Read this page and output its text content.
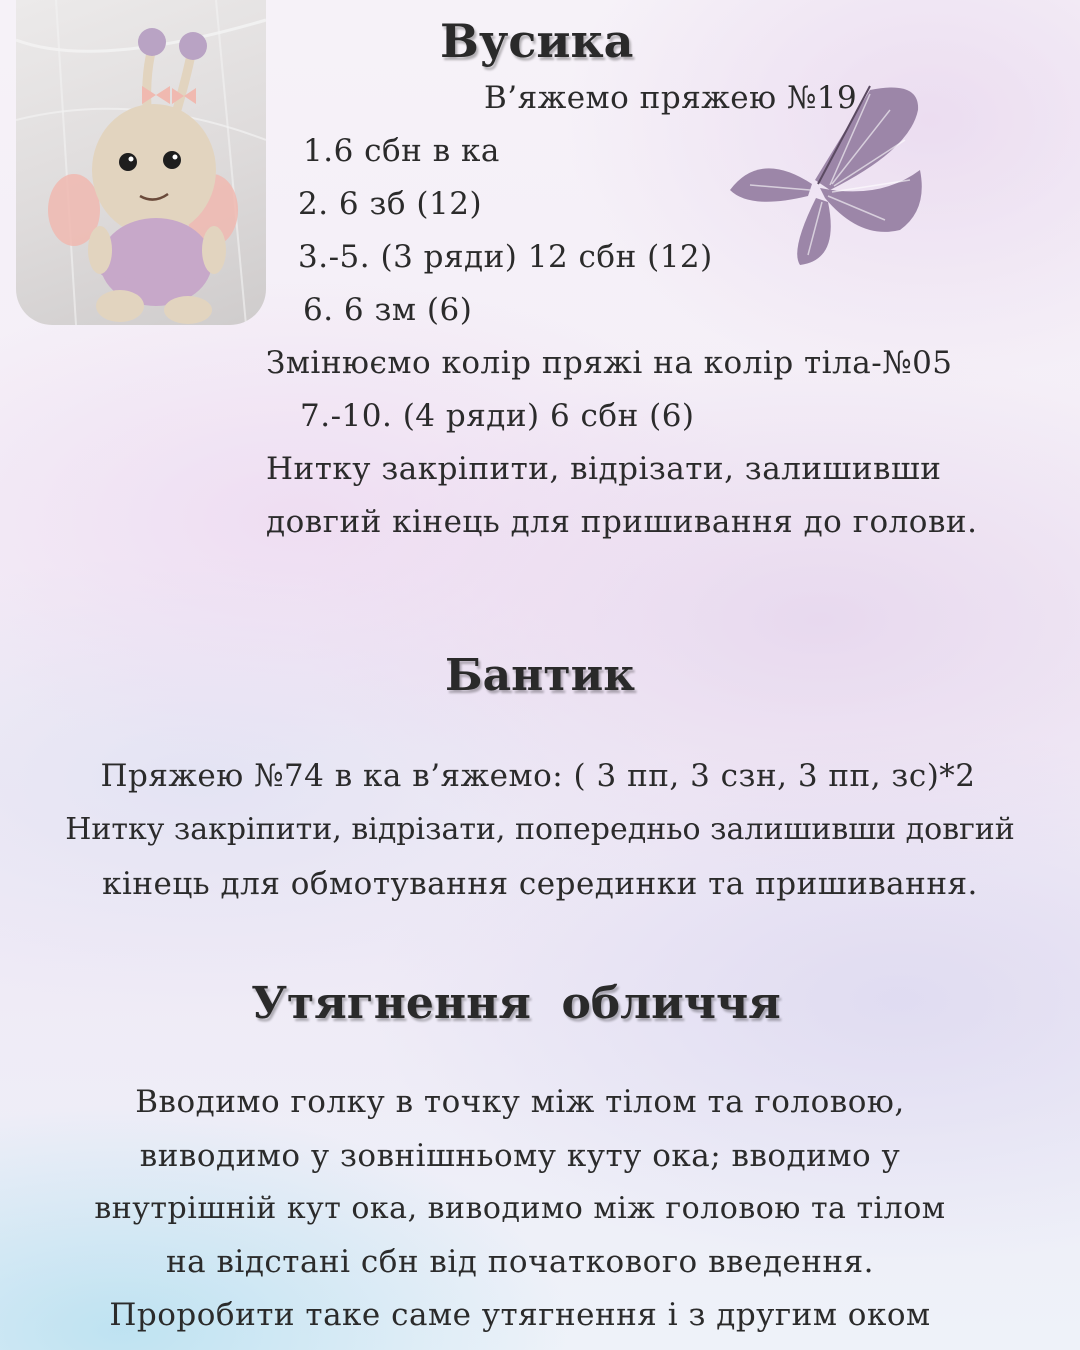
Вусика

В’яжемо пряжею №19

1.6 сбн в ка

2. 6 зб (12)

3.-5. (3 ряди) 12 сбн (12)

6. 6 зм (6)

Змінюємо колір пряжі на колір тіла-№05

7.-10. (4 ряди) 6 сбн (6)

Нитку закріпити, відрізати, залишивши

довгий кінець для пришивання до голови.

Бантик

Пряжею №74 в ка в’яжемо: ( 3 пп, 3 сзн, 3 пп, зс)*2

Нитку закріпити, відрізати, попередньо залишивши довгий

кінець для обмотування серединки та пришивання.

Утягнення  обличчя

Вводимо голку в точку між тілом та головою,

виводимо у зовнішньому куту ока; вводимо у

внутрішній кут ока, виводимо між головою та тілом

на відстані сбн від початкового введення.

Проробити таке саме утягнення і з другим оком
